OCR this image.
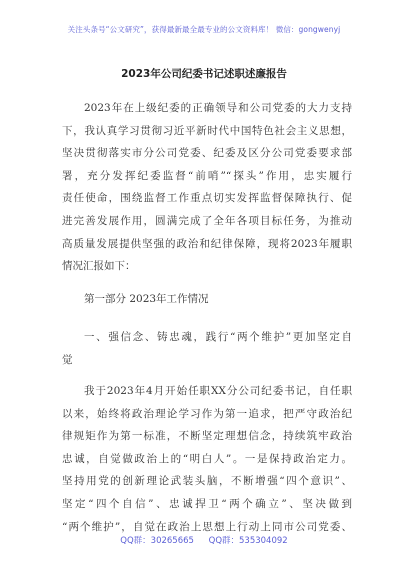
关注头条号“公文研究”，获得最新最全最专业的公文资料库！ 微信：gongwenyj
2023年公司纪委书记述职述廉报告
2023年在上级纪委的正确领导和公司党委的大力支持
下，我认真学习贯彻习近平新时代中国特色社会主义思想，
坚决贯彻落实市分公司党委、纪委及区分公司党委要求部
署，充分发挥纪委监督“前哨”“探头”作用，忠实履行
责任使命，围绕监督工作重点切实发挥监督保障执行、促
进完善发展作用，圆满完成了全年各项目标任务，为推动
高质量发展提供坚强的政治和纪律保障，现将2023年履职
情况汇报如下：
第一部分 2023年工作情况
一、强信念、铸忠魂，践行“两个维护”更加坚定自
觉
我于2023年4月开始任职XX分公司纪委书记，自任职
以来，始终将政治理论学习作为第一追求，把严守政治纪
律规矩作为第一标准，不断坚定理想信念，持续筑牢政治
忠诚，自觉做政治上的“明白人”。一是保持政治定力。
坚持用党的创新理论武装头脑，不断增强“四个意识”、
坚定“四个自信”、忠诚捍卫“两个确立”、坚决做到
“两个维护”，自觉在政治上思想上行动上同市公司党委、
QQ群：30265665 QQ群：535304092
